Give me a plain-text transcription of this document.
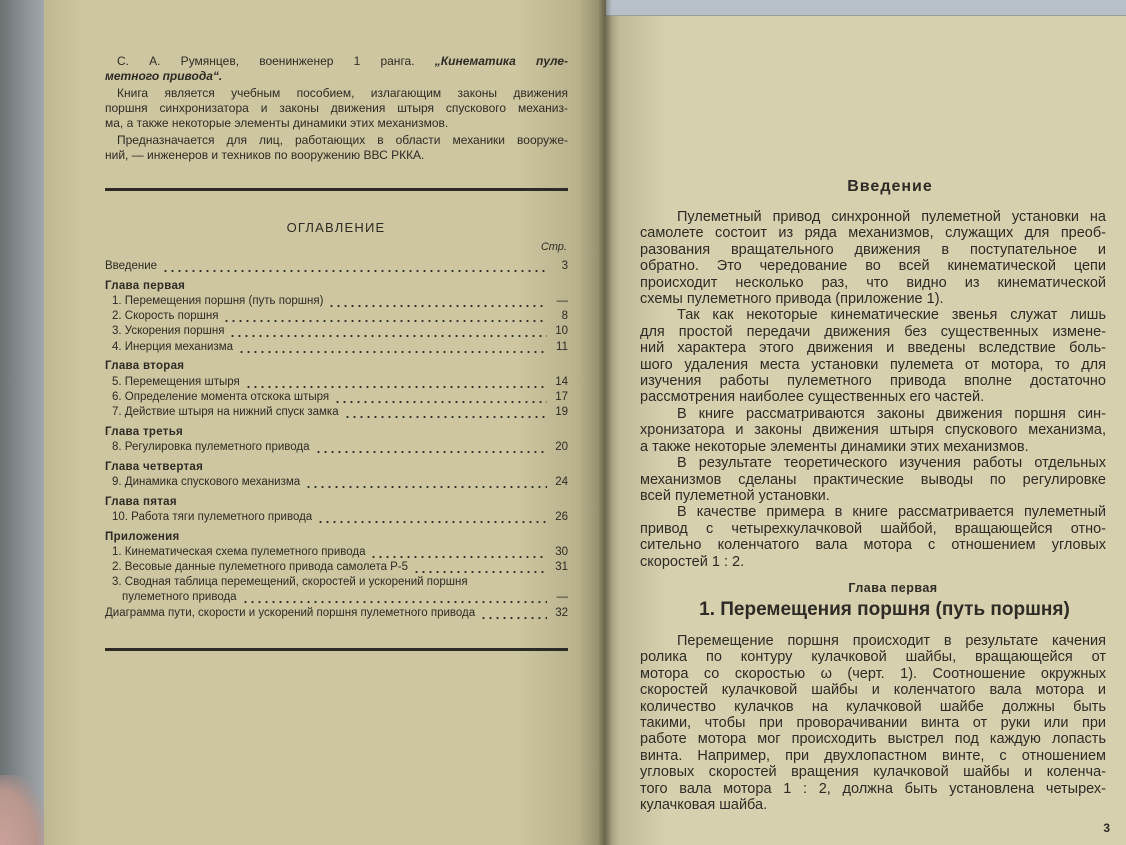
С. А. Румянцев, военинженер 1 ранга. „Кинематика пуле-
метного привода“.
Книга является учебным пособием, излагающим законы движения
поршня синхронизатора и законы движения штыря спускового механиз-
ма, а также некоторые элементы динамики этих механизмов.
Предназначается для лиц, работающих в области механики вооруже-
ний, — инженеров и техников по вооружению ВВС РККА.
ОГЛАВЛЕНИЕ
Стр.
Введение	3
Глава первая
1. Перемещения поршня (путь поршня)	—
2. Скорость поршня	8
3. Ускорения поршня	10
4. Инерция механизма	11
Глава вторая
5. Перемещения штыря	14
6. Определение момента отскока штыря	17
7. Действие штыря на нижний спуск замка	19
Глава третья
8. Регулировка пулеметного привода	20
Глава четвертая
9. Динамика спускового механизма	24
Глава пятая
10. Работа тяги пулеметного привода	26
Приложения
1. Кинематическая схема пулеметного привода	30
2. Весовые данные пулеметного привода самолета Р-5	31
3. Сводная таблица перемещений, скоростей и ускорений поршня
пулеметного привода	—
Диаграмма пути, скорости и ускорений поршня пулеметного привода	32
Введение
Пулеметный привод синхронной пулеметной установки на
самолете состоит из ряда механизмов, служащих для преоб-
разования вращательного движения в поступательное и
обратно. Это чередование во всей кинематической цепи
происходит несколько раз, что видно из кинематической
схемы пулеметного привода (приложение 1).
Так как некоторые кинематические звенья служат лишь
для простой передачи движения без существенных измене-
ний характера этого движения и введены вследствие боль-
шого удаления места установки пулемета от мотора, то для
изучения работы пулеметного привода вполне достаточно
рассмотрения наиболее существенных его частей.
В книге рассматриваются законы движения поршня син-
хронизатора и законы движения штыря спускового механизма,
а также некоторые элементы динамики этих механизмов.
В результате теоретического изучения работы отдельных
механизмов сделаны практические выводы по регулировке
всей пулеметной установки.
В качестве примера в книге рассматривается пулеметный
привод с четырехкулачковой шайбой, вращающейся отно-
сительно коленчатого вала мотора с отношением угловых
скоростей 1 : 2.
Глава первая
1. Перемещения поршня (путь поршня)
Перемещение поршня происходит в результате качения
ролика по контуру кулачковой шайбы, вращающейся от
мотора со скоростью ω (черт. 1). Соотношение окружных
скоростей кулачковой шайбы и коленчатого вала мотора и
количество кулачков на кулачковой шайбе должны быть
такими, чтобы при проворачивании винта от руки или при
работе мотора мог происходить выстрел под каждую лопасть
винта. Например, при двухлопастном винте, с отношением
угловых скоростей вращения кулачковой шайбы и коленча-
того вала мотора 1 : 2, должна быть установлена четырех-
кулачковая шайба.
3
